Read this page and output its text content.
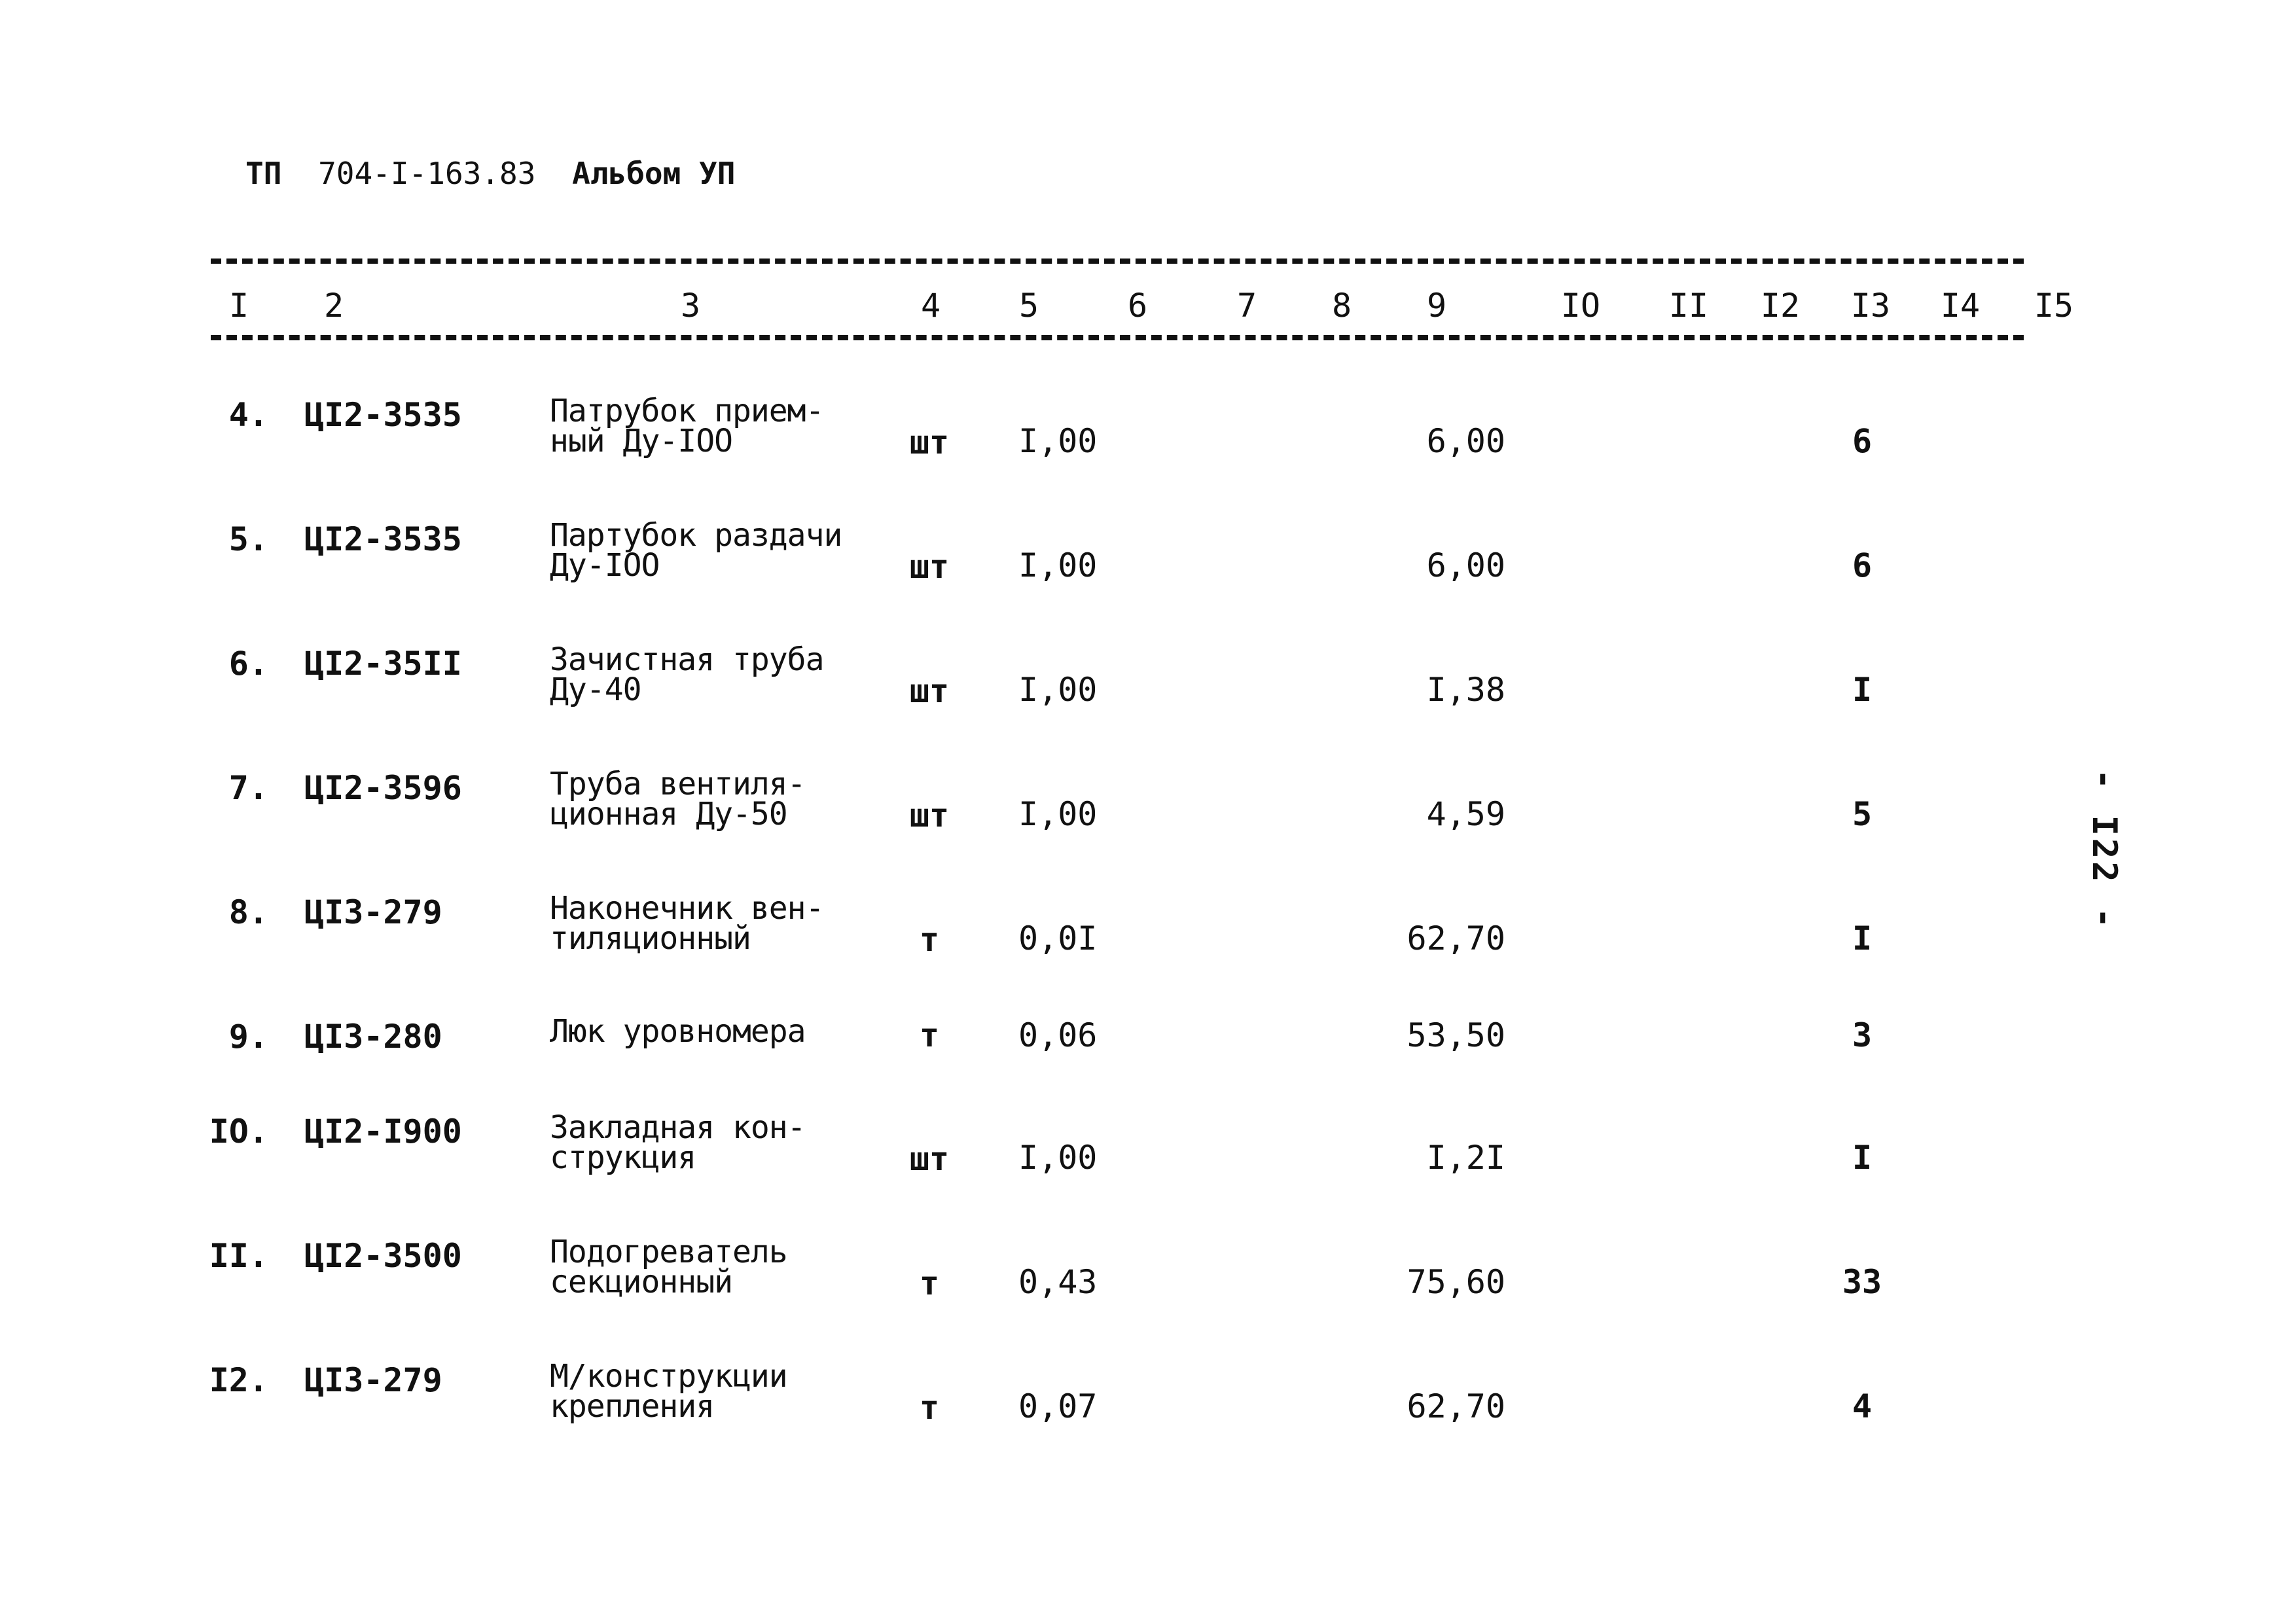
ТП 704-I-163.83 Альбом УП
I 2	3	4 5	6	7 8 9	IO II I2 I3 I4 I5
4. ЦI2-3535	Патрубок прием-
ный Ду-IOO	шт I,00	6,00	6
5. ЦI2-3535	Партубок раздачи
Ду-IOO	шт I,00	6,00	6
6. ЦI2-35II	Зачистная труба
Ду-40	шт I,00	I,38	I
7. ЦI2-3596	Труба вентиля-
ционная Ду-50	шт I,00	4,59	5
8. ЦI3-279	Наконечник вен-
тиляционный	т 0,0I	62,70	I
9. ЦI3-280	Люк уровномера	т 0,06	53,50	3
IO. ЦI2-I900	Закладная кон-
струкция	шт I,00	I,2I	I
II. ЦI2-3500	Подогреватель
секционный	т 0,43	75,60	33
I2. ЦI3-279	М/конструкции
крепления	т 0,07	62,70	4
- I22 -
